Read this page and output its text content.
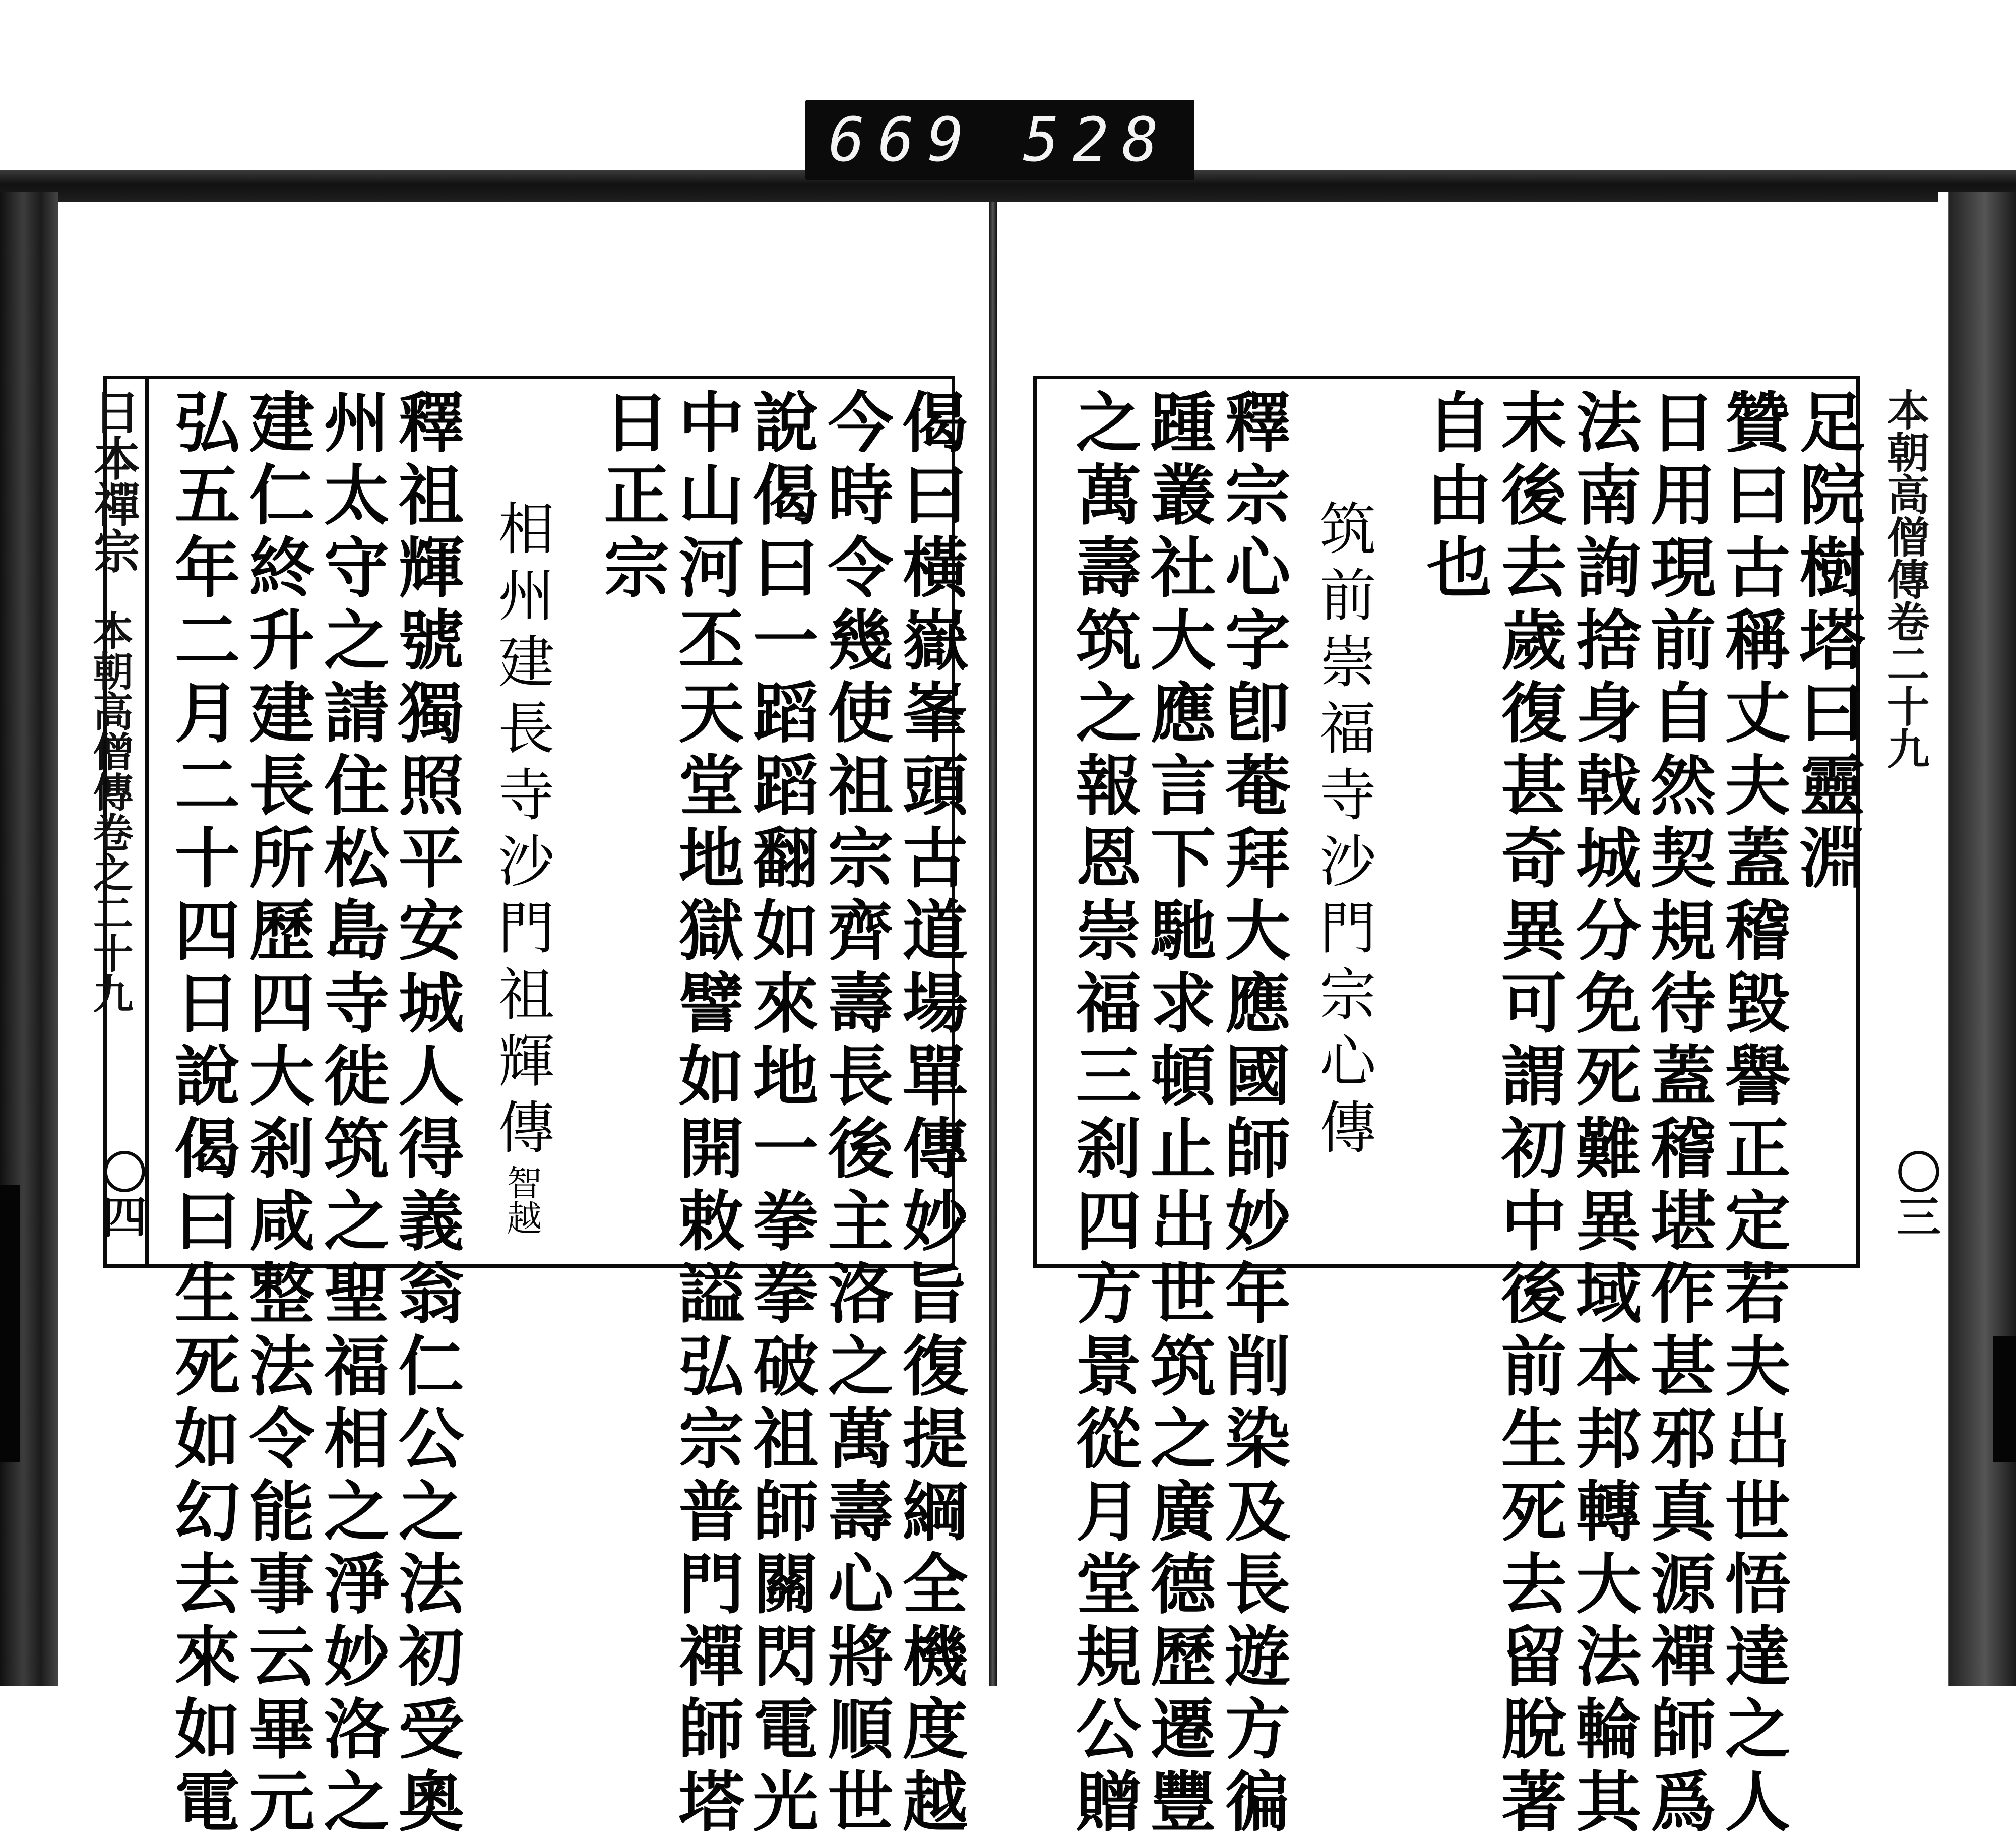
669 528
日本禪宗
本朝高僧傳卷之二十九
〇四
本朝高僧傳卷二十九
〇三
偈曰橫嶽峯頭古道場單傳妙旨復提綱全機度越
今時令幾使祖宗齊壽長後主洛之萬壽心將順世
說偈曰一蹈蹈翻如來地一拳拳破祖師關閃電光
中山河丕天堂地獄譬如開敕謚弘宗普門禪師塔
日正宗
相州建長寺沙門祖輝傳智越
釋祖輝號獨照平安城人得義翁仁公之法初受奧
州太守之請住松島寺徙筑之聖福相之淨妙洛之
建仁終升建長所歷四大刹咸整法令能事云畢元
弘五年二月二十四日說偈曰生死如幻去來如電	足院樹塔曰靈淵
贊曰古稱丈夫蓋稽毀譽正定若夫出世悟達之人
日用現前自然契規待蓋稽堪作甚邪真源禪師爲
法南詢捨身戟城分免死難異域本邦轉大法輪其
末後去歲復甚奇異可謂初中後前生死去留脫著
自由也
筑前崇福寺沙門宗心傳
釋宗心字卽菴拜大應國師妙年削染及長遊方徧
踵叢社大應言下馳求頓止出世筑之廣德歷遷豐
之萬壽筑之報恩崇福三刹四方景從月堂規公贈
